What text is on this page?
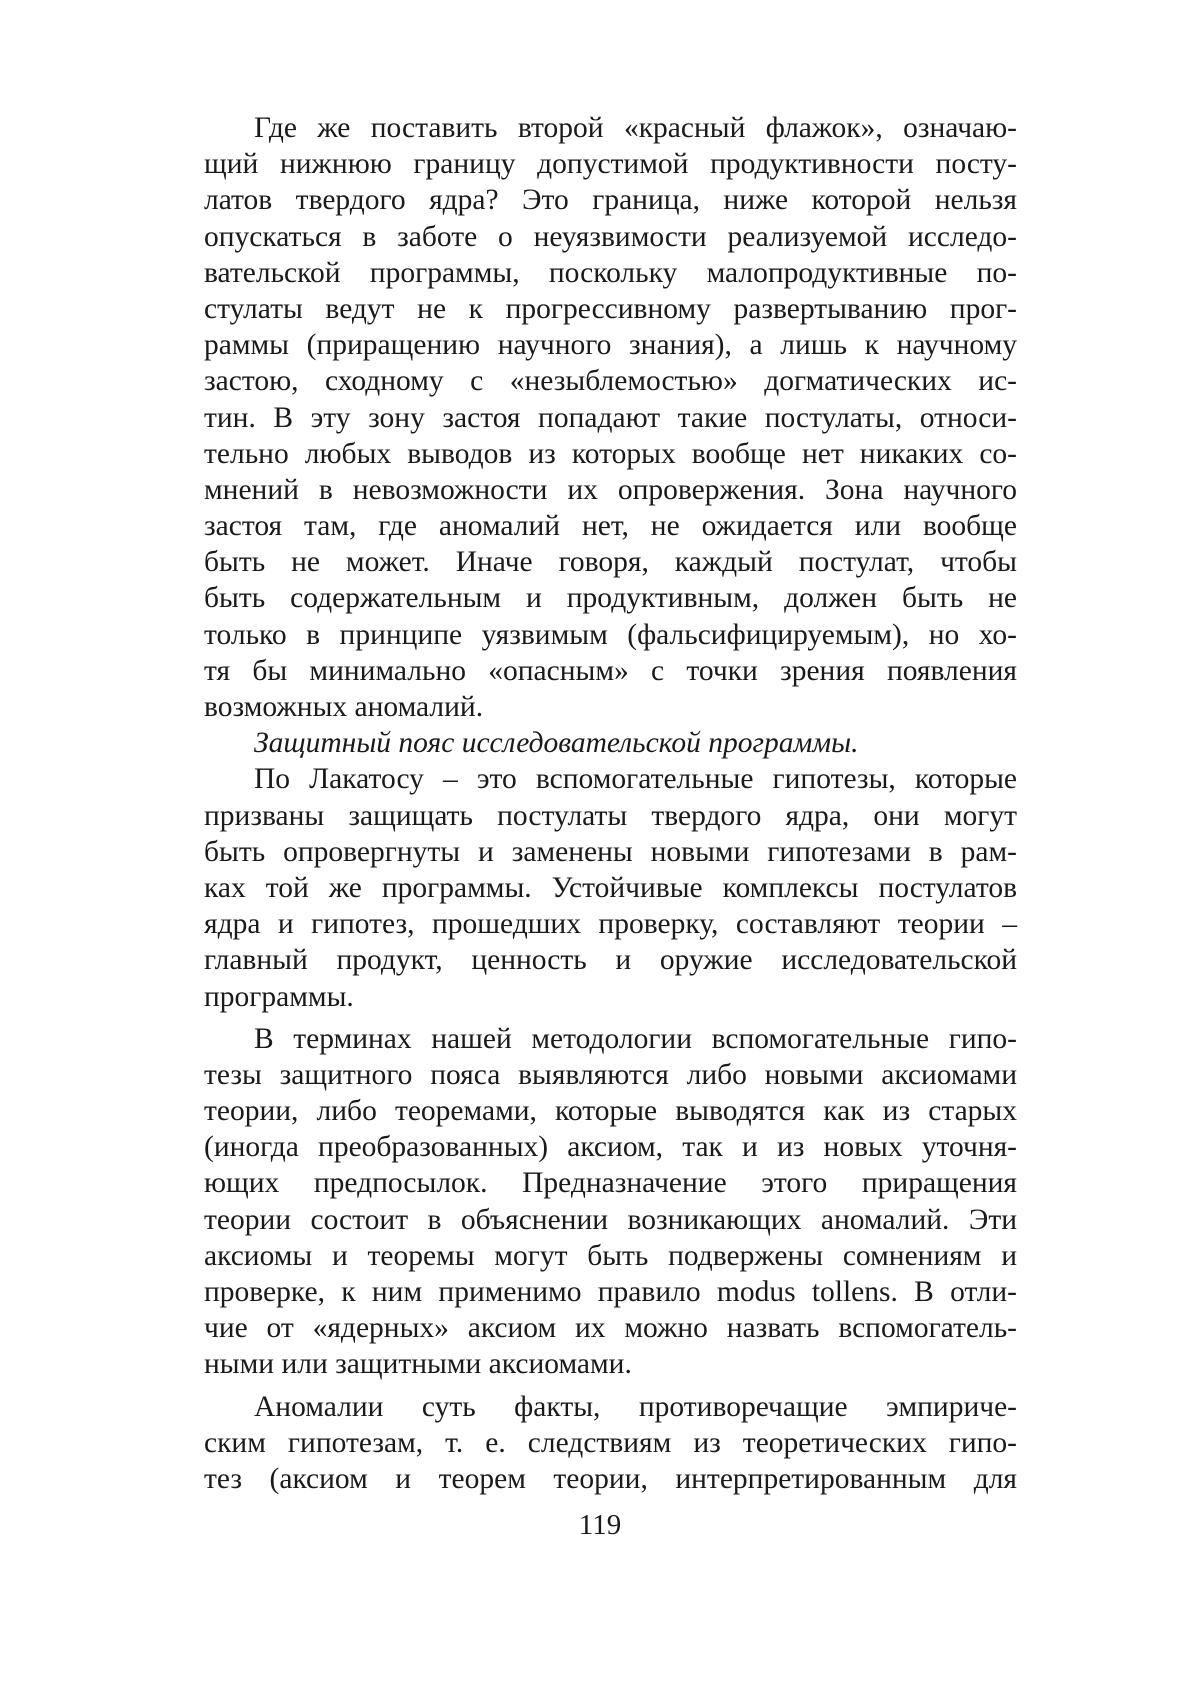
Где же поставить второй «красный флажок», означаю-
щий нижнюю границу допустимой продуктивности посту-
латов твердого ядра? Это граница, ниже которой нельзя
опускаться в заботе о неуязвимости реализуемой исследо-
вательской программы, поскольку малопродуктивные по-
стулаты ведут не к прогрессивному развертыванию прог-
раммы (приращению научного знания), а лишь к научному
застою, сходному с «незыблемостью» догматических ис-
тин. В эту зону застоя попадают такие постулаты, относи-
тельно любых выводов из которых вообще нет никаких со-
мнений в невозможности их опровержения. Зона научного
застоя там, где аномалий нет, не ожидается или вообще
быть не может. Иначе говоря, каждый постулат, чтобы
быть содержательным и продуктивным, должен быть не
только в принципе уязвимым (фальсифицируемым), но хо-
тя бы минимально «опасным» с точки зрения появления
возможных аномалий.
Защитный пояс исследовательской программы.
По Лакатосу – это вспомогательные гипотезы, которые
призваны защищать постулаты твердого ядра, они могут
быть опровергнуты и заменены новыми гипотезами в рам-
ках той же программы. Устойчивые комплексы постулатов
ядра и гипотез, прошедших проверку, составляют теории –
главный продукт, ценность и оружие исследовательской
программы.
В терминах нашей методологии вспомогательные гипо-
тезы защитного пояса выявляются либо новыми аксиомами
теории, либо теоремами, которые выводятся как из старых
(иногда преобразованных) аксиом, так и из новых уточня-
ющих предпосылок. Предназначение этого приращения
теории состоит в объяснении возникающих аномалий. Эти
аксиомы и теоремы могут быть подвержены сомнениям и
проверке, к ним применимо правило modus tollens. В отли-
чие от «ядерных» аксиом их можно назвать вспомогатель-
ными или защитными аксиомами.
Аномалии суть факты, противоречащие эмпириче-
ским гипотезам, т. е. следствиям из теоретических гипо-
тез (аксиом и теорем теории, интерпретированным для
119
